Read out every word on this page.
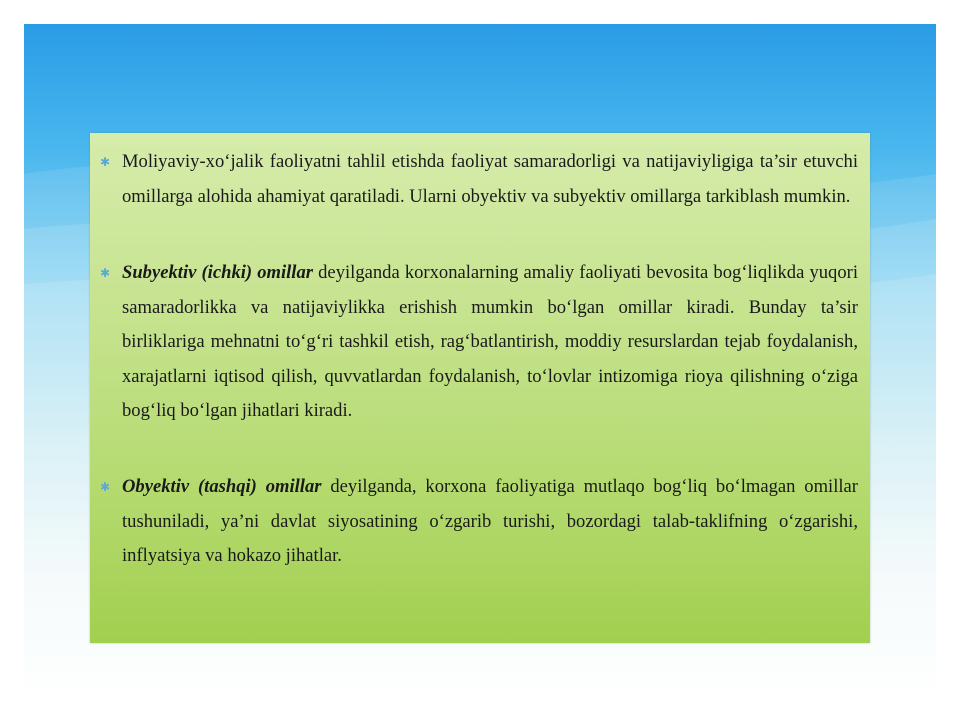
✱ Moliyaviy-xo‘jalik faoliyatni tahlil etishda faoliyat samaradorligi va natijaviyligiga ta’sir etuvchi omillarga alohida ahamiyat qaratiladi. Ularni obyektiv va subyektiv omillarga tarkiblash mumkin.
✱ Subyektiv (ichki) omillar deyilganda korxonalarning amaliy faoliyati bevosita bog‘liqlikda yuqori samaradorlikka va natijaviylikka erishish mumkin bo‘lgan omillar kiradi. Bunday ta’sir birliklariga mehnatni to‘g‘ri tashkil etish, rag‘batlantirish, moddiy resurslardan tejab foydalanish, xarajatlarni iqtisod qilish, quvvatlardan foydalanish, to‘lovlar intizomiga rioya qilishning o‘ziga bog‘liq bo‘lgan jihatlari kiradi.
✱ Obyektiv (tashqi) omillar deyilganda, korxona faoliyatiga mutlaqo bog‘liq bo‘lmagan omillar tushuniladi, ya’ni davlat siyosatining o‘zgarib turishi, bozordagi talab-taklifning o‘zgarishi, inflyatsiya va hokazo jihatlar.
